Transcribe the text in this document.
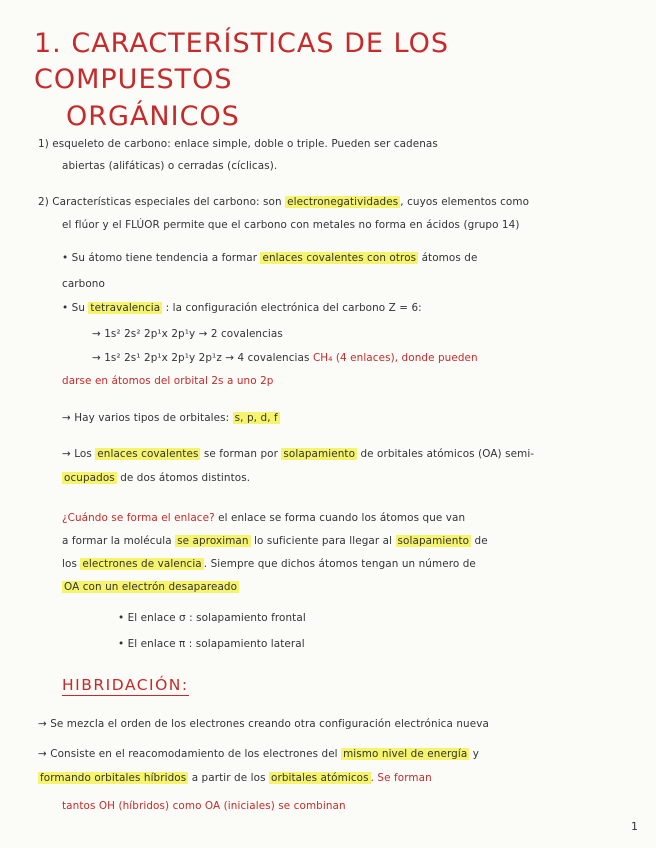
1. CARACTERÍSTICAS DE LOS COMPUESTOS
ORGÁNICOS
1) esqueleto de carbono: enlace simple, doble o triple. Pueden ser cadenas
abiertas (alifáticas) o cerradas (cíclicas).
2) Características especiales del carbono: son electronegatividades , cuyos elementos como
el flúor y el FLÚOR permite que el carbono con metales no forma en ácidos (grupo 14)
• Su átomo tiene tendencia a formar enlaces covalentes con otros átomos de
carbono
• Su tetravalencia : la configuración electrónica del carbono Z = 6:
→ 1s² 2s² 2p¹x 2p¹y → 2 covalencias
→ 1s² 2s¹ 2p¹x 2p¹y 2p¹z → 4 covalencias CH₄ (4 enlaces), donde pueden
darse en átomos del orbital 2s a uno 2p
→ Hay varios tipos de orbitales: s, p, d, f
→ Los enlaces covalentes se forman por solapamiento de orbitales atómicos (OA) semi-
ocupados de dos átomos distintos.
¿Cuándo se forma el enlace? el enlace se forma cuando los átomos que van
a formar la molécula se aproximan lo suficiente para llegar al solapamiento de
los electrones de valencia . Siempre que dichos átomos tengan un número de
OA con un electrón desapareado
• El enlace σ : solapamiento frontal
• El enlace π : solapamiento lateral
HIBRIDACIÓN:
→ Se mezcla el orden de los electrones creando otra configuración electrónica nueva
→ Consiste en el reacomodamiento de los electrones del mismo nivel de energía y
formando orbitales híbridos a partir de los orbitales atómicos . Se forman
tantos OH (híbridos) como OA (iniciales) se combinan
1
